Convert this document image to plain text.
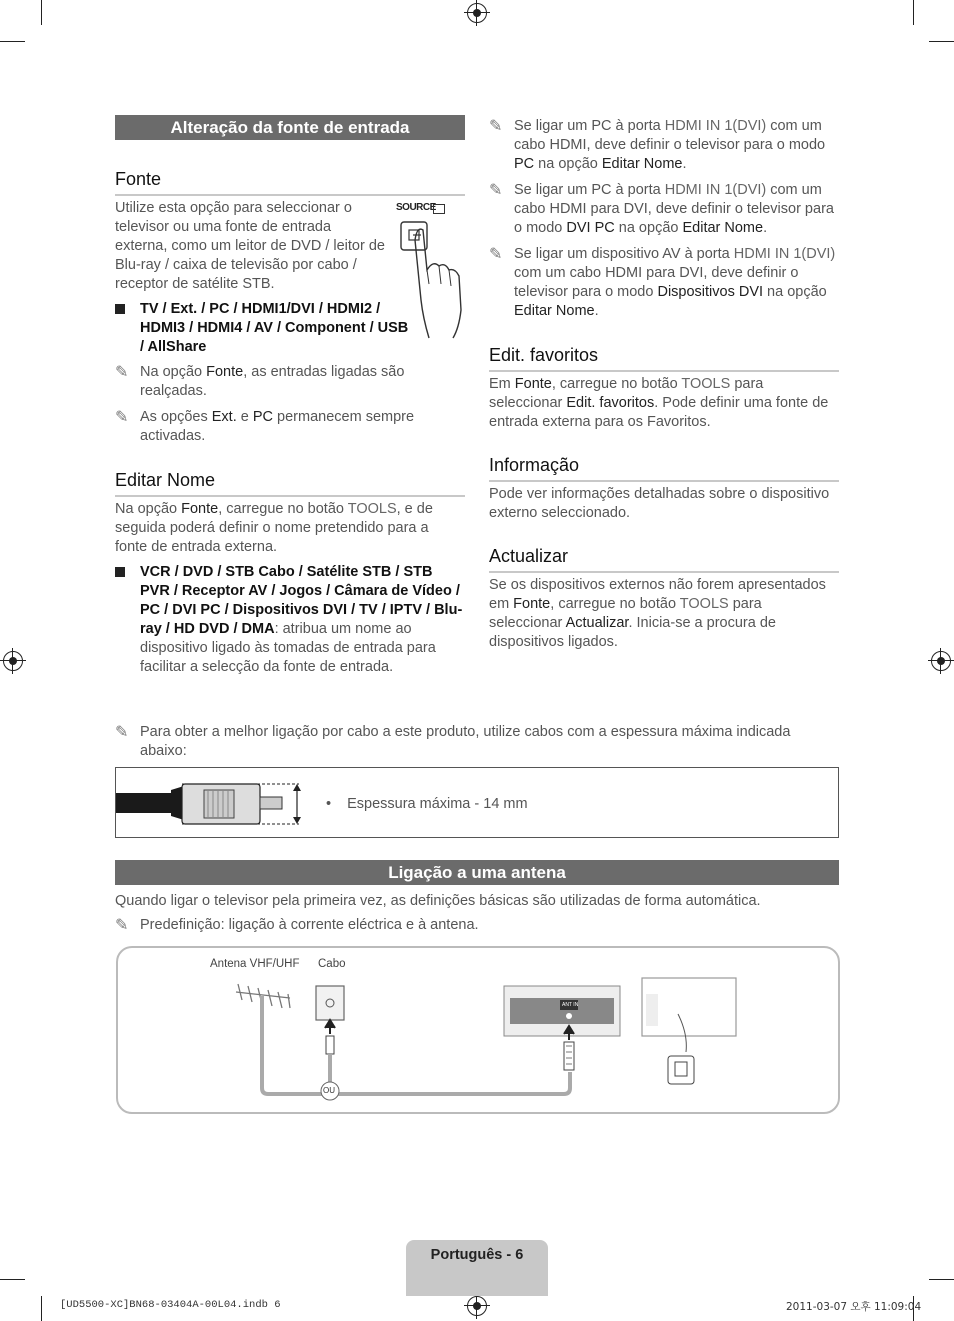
Alteração da fonte de entrada
Fonte
Utilize esta opção para seleccionar o televisor ou uma fonte de entrada externa, como um leitor de DVD / leitor de Blu-ray / caixa de televisão por cabo / receptor de satélite STB.
SOURCE
TV / Ext. / PC / HDMI1/DVI / HDMI2 / HDMI3 / HDMI4 / AV / Component / USB / AllShare
✎ Na opção Fonte, as entradas ligadas são realçadas.
✎ As opções Ext. e PC permanecem sempre activadas.
Editar Nome
Na opção Fonte, carregue no botão TOOLS, e de seguida poderá definir o nome pretendido para a fonte de entrada externa.
VCR / DVD / STB Cabo / Satélite STB / STB PVR / Receptor AV / Jogos / Câmara de Vídeo / PC / DVI PC / Dispositivos DVI / TV / IPTV / Blu-ray / HD DVD / DMA: atribua um nome ao dispositivo ligado às tomadas de entrada para facilitar a selecção da fonte de entrada.
✎ Se ligar um PC à porta HDMI IN 1(DVI) com um cabo HDMI, deve definir o televisor para o modo PC na opção Editar Nome.
✎ Se ligar um PC à porta HDMI IN 1(DVI) com um cabo HDMI para DVI, deve definir o televisor para o modo DVI PC na opção Editar Nome.
✎ Se ligar um dispositivo AV à porta HDMI IN 1(DVI) com um cabo HDMI para DVI, deve definir o televisor para o modo Dispositivos DVI na opção Editar Nome.
Edit. favoritos
Em Fonte, carregue no botão TOOLS para seleccionar Edit. favoritos. Pode definir uma fonte de entrada externa para os Favoritos.
Informação
Pode ver informações detalhadas sobre o dispositivo externo seleccionado.
Actualizar
Se os dispositivos externos não forem apresentados em Fonte, carregue no botão TOOLS para seleccionar Actualizar. Inicia-se a procura de dispositivos ligados.
✎ Para obter a melhor ligação por cabo a este produto, utilize cabos com a espessura máxima indicada abaixo:
• Espessura máxima - 14 mm
Ligação a uma antena
Quando ligar o televisor pela primeira vez, as definições básicas são utilizadas de forma automática.
✎ Predefinição: ligação à corrente eléctrica e à antena.
Antena VHF/UHF Cabo
OU
ANT IN
Português - 6
[UD5500-XC]BN68-03404A-00L04.indb 6	2011-03-07 오후 11:09:04
